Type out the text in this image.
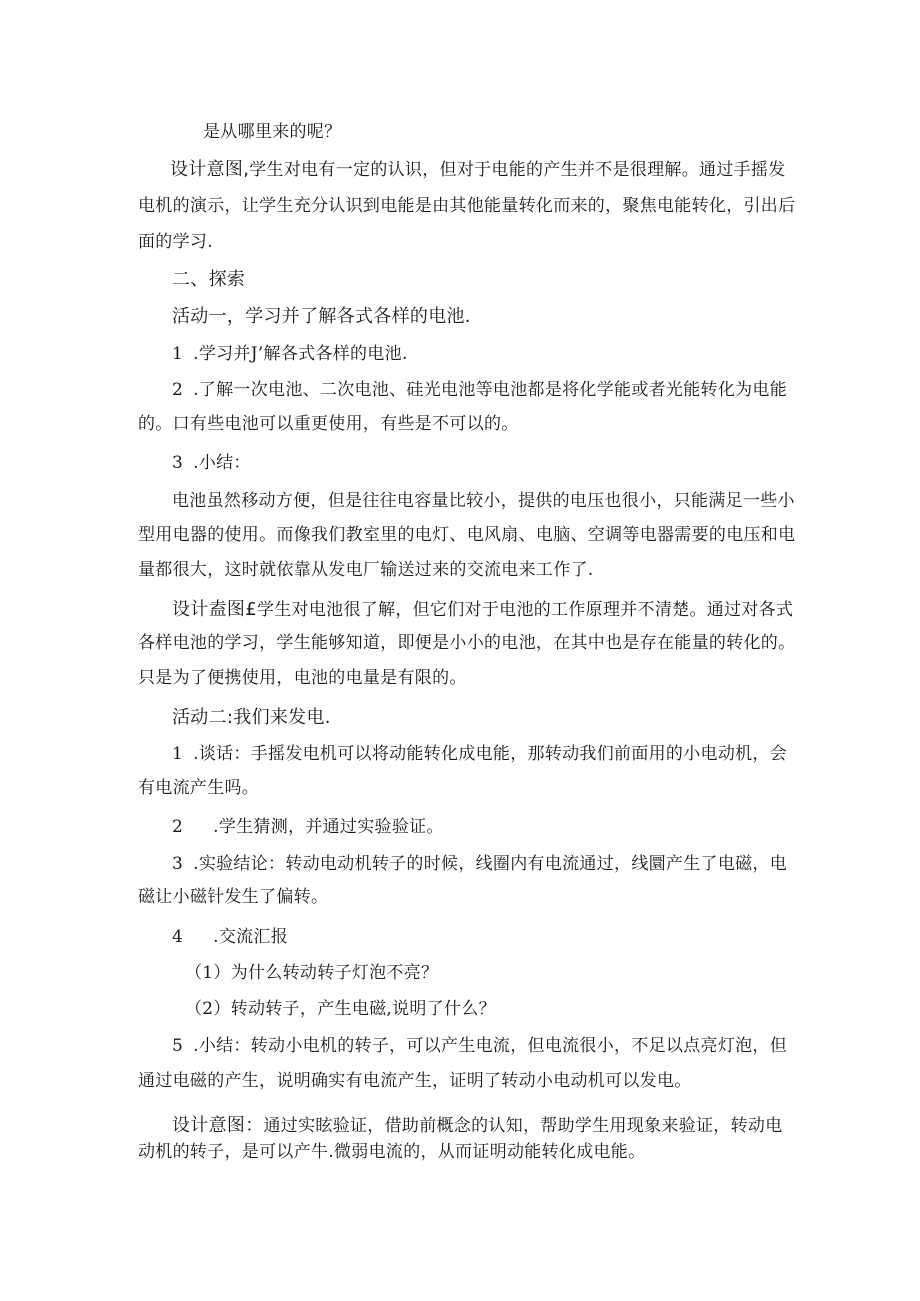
是从哪里来的呢？
设计意图,学生对电有一定的认识，但对于电能的产生并不是很理解。通过手摇发
电机的演示，让学生充分认识到电能是由其他能量转化而来的，聚焦电能转化，引出后
面的学习.
二、探索
活动一，学习并了解各式各样的电池.
1 .学习并J’解各式各样的电池.
2 .了解一次电池、二次电池、硅光电池等电池都是将化学能或者光能转化为电能
的。口有些电池可以重更使用，有些是不可以的。
3 .小结：
电池虽然移动方便，但是往往电容量比较小，提供的电压也很小，只能满足一些小
型用电器的使用。而像我们教室里的电灯、电风扇、电脑、空调等电器需要的电压和电
量都很大，这时就依靠从发电厂输送过来的交流电来工作了.
设计盍图£学生对电池很了解，但它们对于电池的工作原理并不清楚。通过对各式
各样电池的学习，学生能够知道，即便是小小的电池，在其中也是存在能量的转化的。
只是为了便携使用，电池的电量是有限的。
活动二:我们来发电.
1 .谈话：手摇发电机可以将动能转化成电能，那转动我们前面用的小电动机，会
有电流产生吗。
2 .学生猜测，并通过实验验证。
3 .实验结论：转动电动机转子的时候，线圈内有电流通过，线圜产生了电磁，电
磁让小磁针发生了偏转。
4 .交流汇报
（1）为什么转动转子灯泡不亮？
（2）转动转子，产生电磁,说明了什么？
5 .小结：转动小电机的转子，可以产生电流，但电流很小，不足以点亮灯泡，但
通过电磁的产生，说明确实有电流产生，证明了转动小电动机可以发电。
设计意图：通过实眩验证，借助前概念的认知，帮助学生用现象来验证，转动电
动机的转子，是可以产牛.微弱电流的，从而证明动能转化成电能。
